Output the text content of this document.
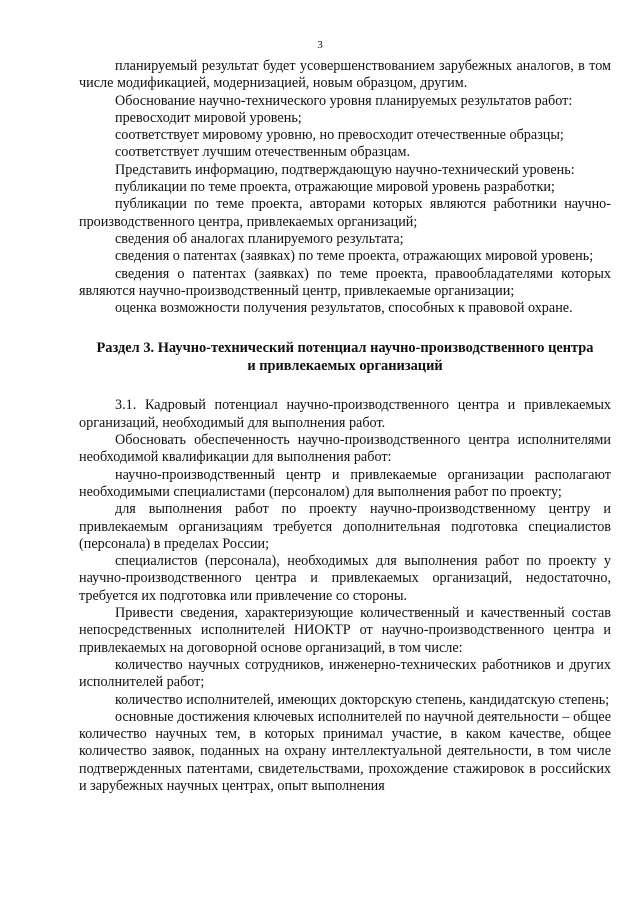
3

планируемый результат будет усовершенствованием зарубежных аналогов, в том числе модификацией, модернизацией, новым образцом, другим.

Обоснование научно-технического уровня планируемых результатов работ:

превосходит мировой уровень;

соответствует мировому уровню, но превосходит отечественные образцы;

соответствует лучшим отечественным образцам.

Представить информацию, подтверждающую научно-технический уровень:

публикации по теме проекта, отражающие мировой уровень разработки;

публикации по теме проекта, авторами которых являются работники научно-производственного центра, привлекаемых организаций;

сведения об аналогах планируемого результата;

сведения о патентах (заявках) по теме проекта, отражающих мировой уровень;

сведения о патентах (заявках) по теме проекта, правообладателями которых являются научно-производственный центр, привлекаемые организации;

оценка возможности получения результатов, способных к правовой охране.

Раздел 3. Научно-технический потенциал научно-производственного центра
и привлекаемых организаций

3.1. Кадровый потенциал научно-производственного центра и привлекаемых организаций, необходимый для выполнения работ.

Обосновать обеспеченность научно-производственного центра исполнителями необходимой квалификации для выполнения работ:

научно-производственный центр и привлекаемые организации располагают необходимыми специалистами (персоналом) для выполнения работ по проекту;

для выполнения работ по проекту научно-производственному центру и привлекаемым организациям требуется дополнительная подготовка специалистов (персонала) в пределах России;

специалистов (персонала), необходимых для выполнения работ по проекту у научно-производственного центра и привлекаемых организаций, недостаточно, требуется их подготовка или привлечение со стороны.

Привести сведения, характеризующие количественный и качественный состав непосредственных исполнителей НИОКТР от научно-производственного центра и привлекаемых на договорной основе организаций, в том числе:

количество научных сотрудников, инженерно-технических работников и других исполнителей работ;

количество исполнителей, имеющих докторскую степень, кандидатскую степень;

основные достижения ключевых исполнителей по научной деятельности – общее количество научных тем, в которых принимал участие, в каком качестве, общее количество заявок, поданных на охрану интеллектуальной деятельности, в том числе подтвержденных патентами, свидетельствами, прохождение стажировок в российских и зарубежных научных центрах, опыт выполнения
